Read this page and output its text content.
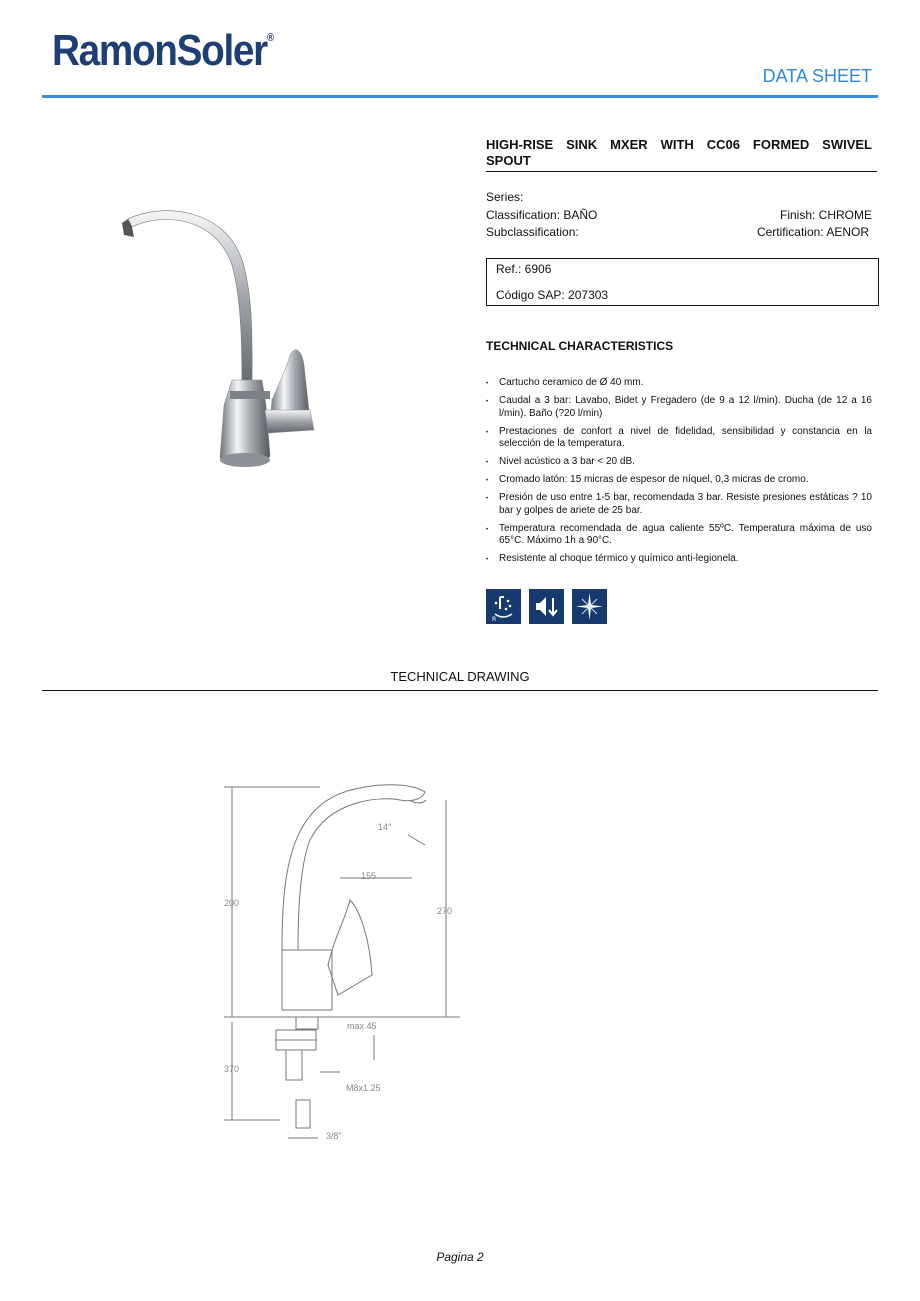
RamonSoler®
DATA SHEET
HIGH-RISE SINK MXER WITH CC06 FORMED SWIVEL
SPOUT
Series:
Classification: BAÑO	Finish: CHROME
Subclassification:	Certification: AENOR
Ref.: 6906
Código SAP: 207303
TECHNICAL CHARACTERISTICS
• Cartucho ceramico de Ø 40 mm.
• Caudal a 3 bar: Lavabo, Bidet y Fregadero (de 9 a 12 l/min). Ducha (de 12 a 16 l/min). Baño (?20 l/min)
• Prestaciones de confort a nivel de fidelidad, sensibilidad y constancia en la selección de la temperatura.
• Nivel acústico a 3 bar < 20 dB.
• Cromado latón: 15 micras de espesor de níquel, 0,3 micras de cromo.
• Presión de uso entre 1-5 bar, recomendada 3 bar. Resiste presiones estáticas ? 10 bar y golpes de ariete de 25 bar.
• Temperatura recomendada de agua caliente 55ºC. Temperatura máxima de uso 65°C. Máximo 1h a 90°C.
• Resistente al choque térmico y químico anti-legionela.
R
TECHNICAL DRAWING
14°
155
200
270
max.45
370
M8x1.25
3/8"
Pagina 2
